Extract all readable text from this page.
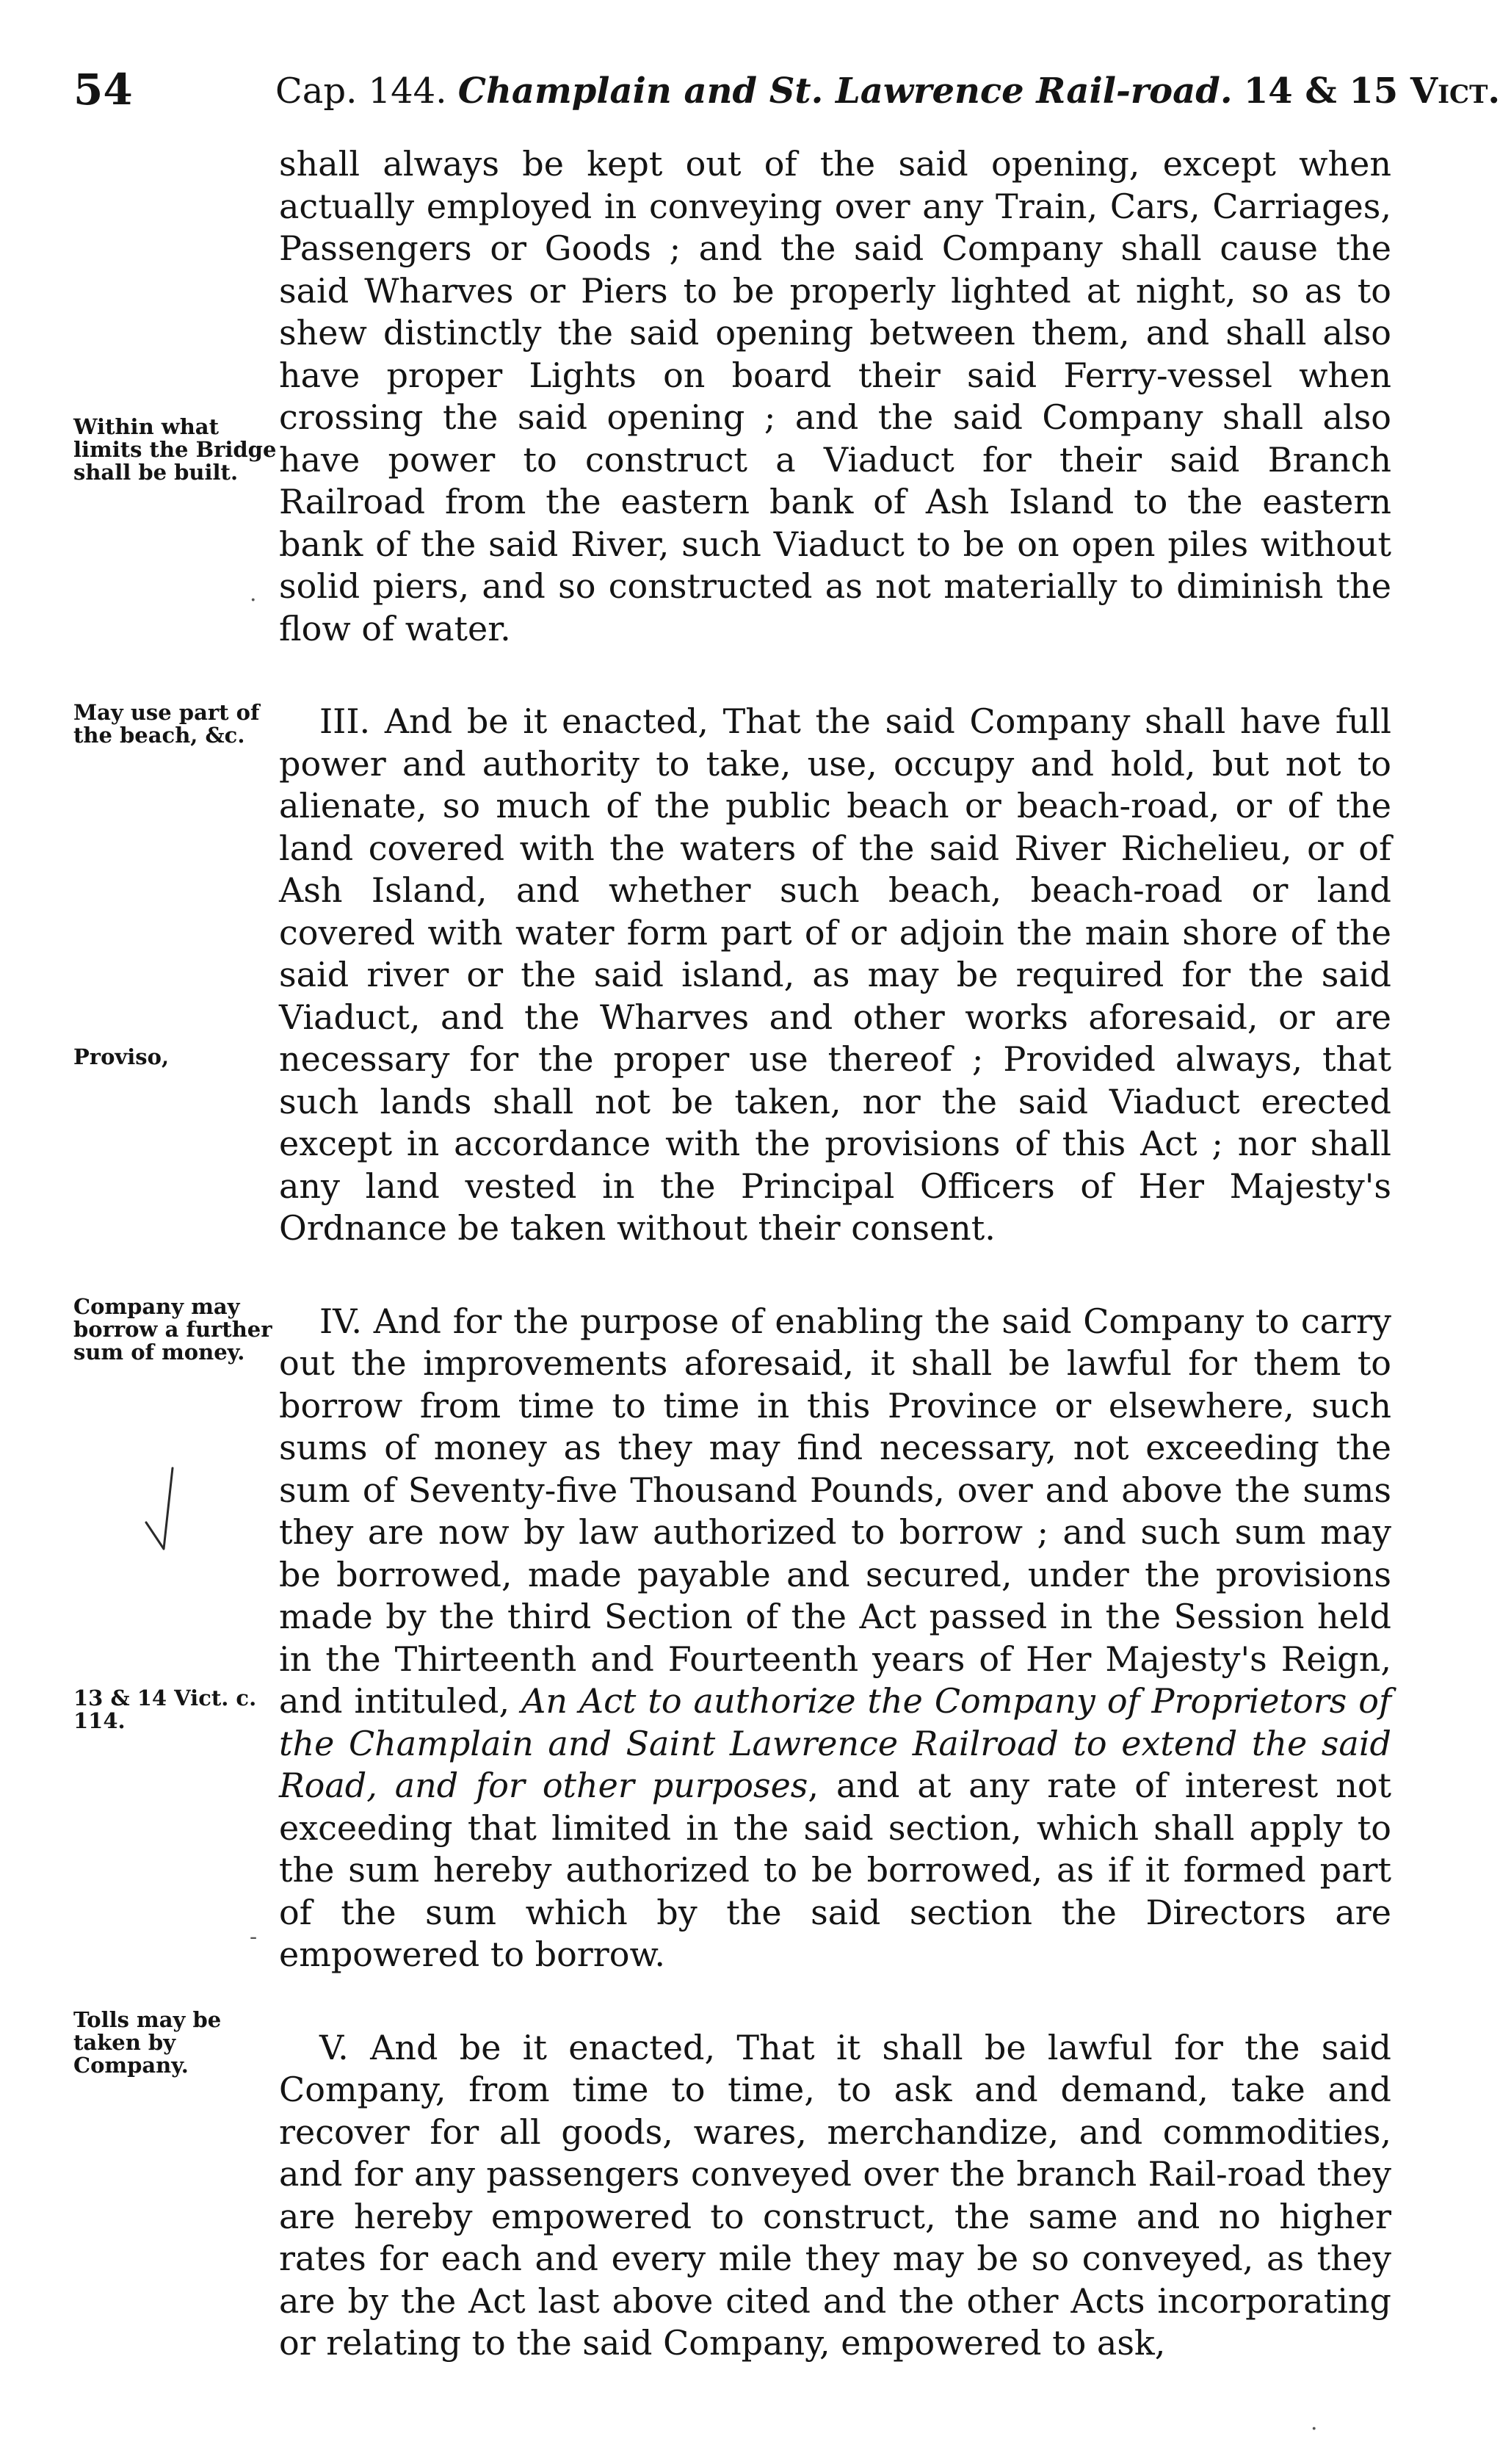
54	Cap. 144. Champlain and St. Lawrence Rail-road. 14 & 15 Vict.

shall always be kept out of the said opening, except when actually employed in conveying over any Train, Cars, Carriages, Passengers or Goods ; and the said Company shall cause the said Wharves or Piers to be properly lighted at night, so as to shew distinctly the said opening between them, and shall also have proper Lights on board their said Ferry-vessel when crossing the said opening ; and the said Company shall also have power to construct a Viaduct for their said Branch Railroad from the eastern bank of Ash Island to the eastern bank of the said River, such Viaduct to be on open piles without solid piers, and so constructed as not materially to diminish the flow of water.

III. And be it enacted, That the said Company shall have full power and authority to take, use, occupy and hold, but not to alienate, so much of the public beach or beach-road, or of the land covered with the waters of the said River Richelieu, or of Ash Island, and whether such beach, beach-road or land covered with water form part of or adjoin the main shore of the said river or the said island, as may be required for the said Viaduct, and the Wharves and other works aforesaid, or are necessary for the proper use thereof ; Provided always, that such lands shall not be taken, nor the said Viaduct erected except in accordance with the provisions of this Act ; nor shall any land vested in the Principal Officers of Her Majesty's Ordnance be taken without their consent.

IV. And for the purpose of enabling the said Company to carry out the improvements aforesaid, it shall be lawful for them to borrow from time to time in this Province or elsewhere, such sums of money as they may find necessary, not exceeding the sum of Seventy-five Thousand Pounds, over and above the sums they are now by law authorized to borrow ; and such sum may be borrowed, made payable and secured, under the provisions made by the third Section of the Act passed in the Session held in the Thirteenth and Fourteenth years of Her Majesty's Reign, and intituled, An Act to authorize the Company of Proprietors of the Champlain and Saint Lawrence Railroad to extend the said Road, and for other purposes, and at any rate of interest not exceeding that limited in the said section, which shall apply to the sum hereby authorized to be borrowed, as if it formed part of the sum which by the said section the Directors are empowered to borrow.

V. And be it enacted, That it shall be lawful for the said Company, from time to time, to ask and demand, take and recover for all goods, wares, merchandize, and commodities, and for any passengers conveyed over the branch Rail-road they are hereby empowered to construct, the same and no higher rates for each and every mile they may be so conveyed, as they are by the Act last above cited and the other Acts incorporating or relating to the said Company, empowered to ask,

Within what limits the Bridge shall be built.
May use part of the beach, &c.
Proviso,
Company may borrow a further sum of money.
13 & 14 Vict. c. 114.
Tolls may be taken by Company.
·
-
·
